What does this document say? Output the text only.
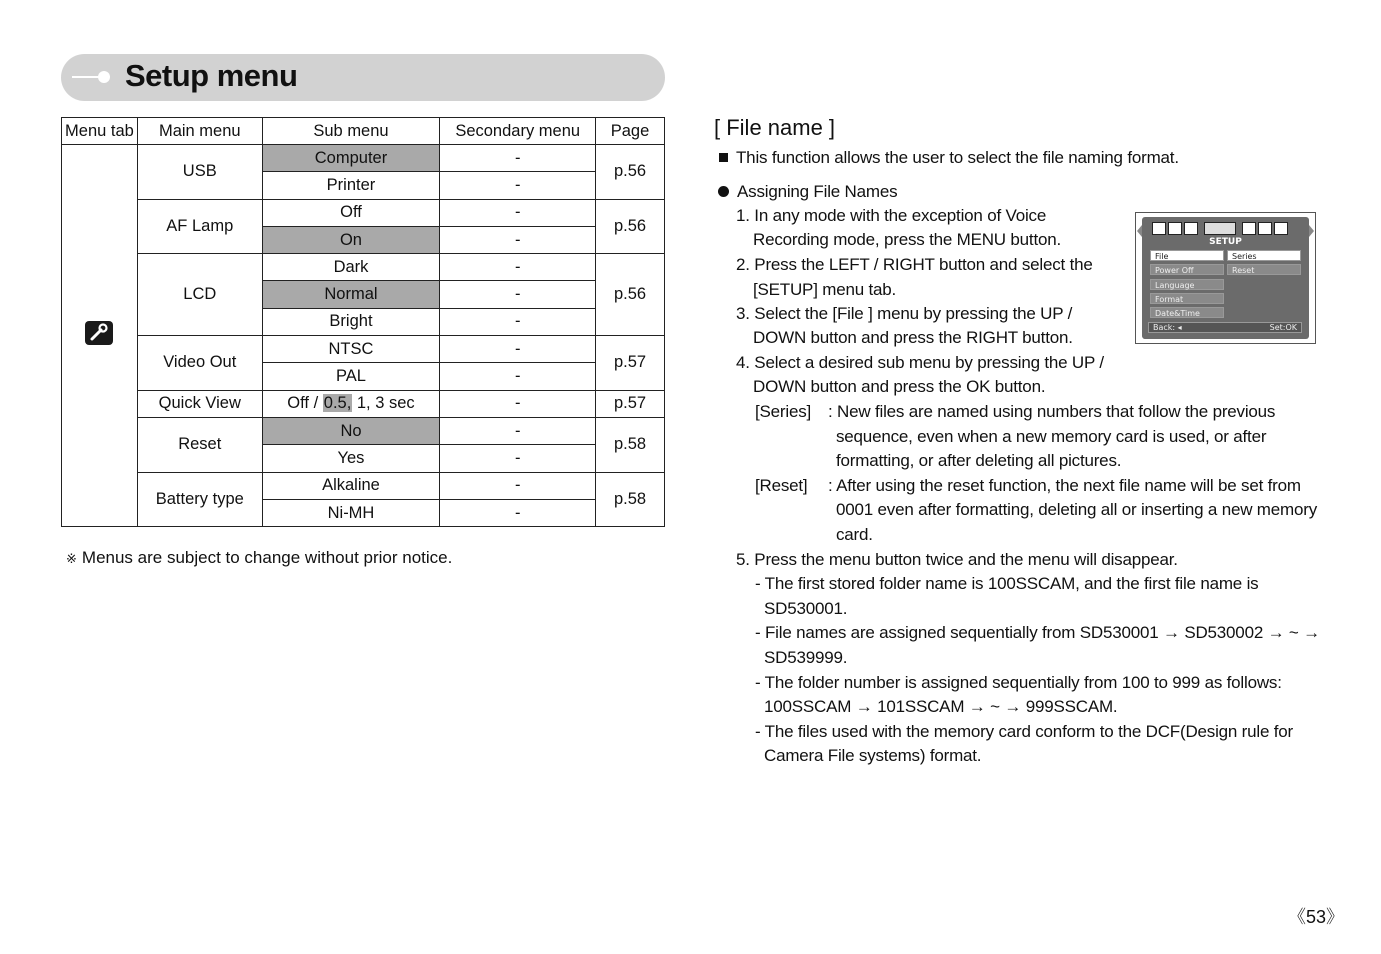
Setup menu
Menu tab	Main menu	Sub menu	Secondary menu	Page

	USB	Computer	-	p.56
		Printer	-	
	AF Lamp	Off	-	p.56
		On	-	
	LCD	Dark	-	p.56
		Normal	-	
		Bright	-	
	Video Out	NTSC	-	p.57
		PAL	-	
	Quick View	Off / 0.5, 1, 3 sec	-	p.57
	Reset	No	-	p.58
		Yes	-	
	Battery type	Alkaline	-	p.58
		Ni-MH	-	
※ Menus are subject to change without prior notice.
[ File name ]
This function allows the user to select the file naming format.
Assigning File Names
1. In any mode with the exception of Voice
Recording mode, press the MENU button.
2. Press the LEFT / RIGHT button and select the
[SETUP] menu tab.
3. Select the [File ] menu by pressing the UP /
DOWN button and press the RIGHT button.
4. Select a desired sub menu by pressing the UP /
DOWN button and press the OK button.
[Series] : New files are named using numbers that follow the previous
sequence, even when a new memory card is used, or after
formatting, or after deleting all pictures.
[Reset] : After using the reset function, the next file name will be set from
0001 even after formatting, deleting all or inserting a new memory
card.
5. Press the menu button twice and the menu will disappear.
- The first stored folder name is 100SSCAM, and the first file name is
SD530001.
- File names are assigned sequentially from SD530001 → SD530002 → ~ →
SD539999.
- The folder number is assigned sequentially from 100 to 999 as follows:
100SSCAM → 101SSCAM → ~ → 999SSCAM.
- The files used with the memory card conform to the DCF(Design rule for
Camera File systems) format.
SETUP
File
Power Off
Language
Format
Date&Time
Series
Reset
Back: ◂	Set:OK
《53》
